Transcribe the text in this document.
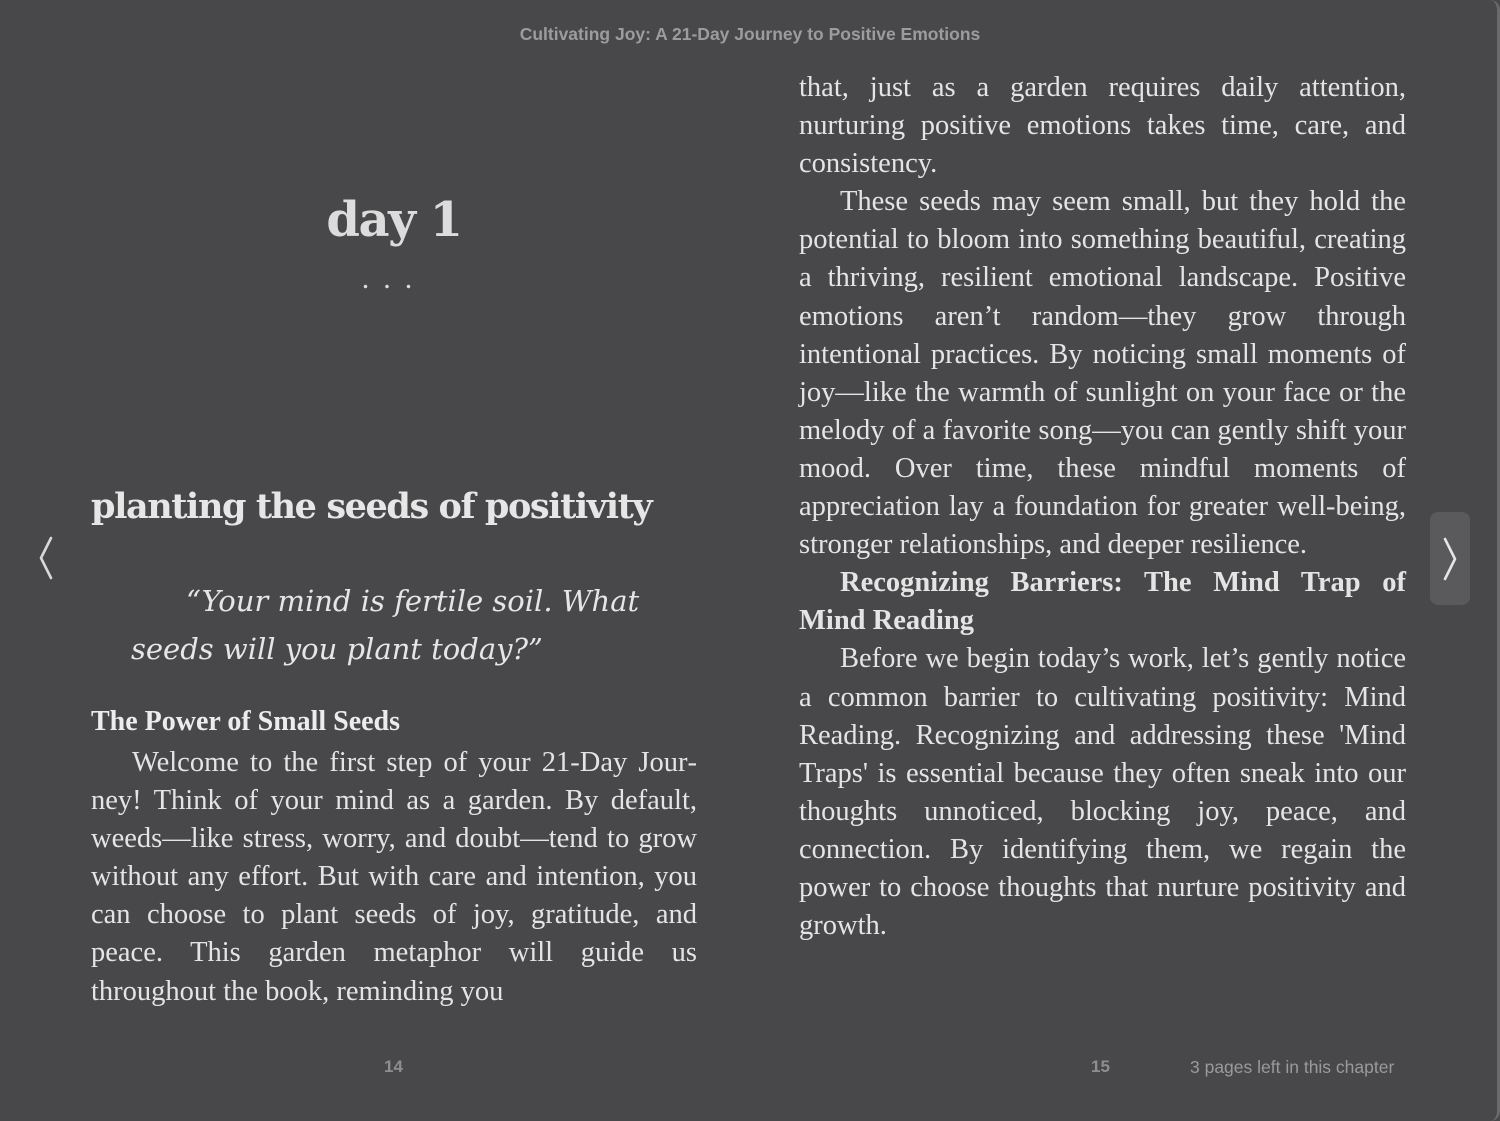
Cultivating Joy: A 21-Day Journey to Positive Emotions
day 1
...
planting the seeds of positivity
“Your mind is fertile soil. What seeds will you plant today?”
The Power of Small Seeds

Welcome to the first step of your 21-Day Journey! Think of your mind as a garden. By default, weeds—like stress, worry, and doubt—tend to grow without any effort. But with care and intention, you can choose to plant seeds of joy, gratitude, and peace. This garden metaphor will guide us throughout the book, reminding you

14

that, just as a garden requires daily attention, nurturing positive emotions takes time, care, and consistency.

These seeds may seem small, but they hold the potential to bloom into something beautiful, creating a thriving, resilient emotional landscape. Positive emotions aren’t random—they grow through intentional practices. By noticing small moments of joy—like the warmth of sunlight on your face or the melody of a favorite song—you can gently shift your mood. Over time, these mindful moments of appreciation lay a foundation for greater well-being, stronger relationships, and deeper resilience.

Recognizing Barriers: The Mind Trap of Mind Reading

Before we begin today’s work, let’s gently notice a common barrier to cultivating positivity: Mind Reading. Recognizing and addressing these 'Mind Traps' is essential because they often sneak into our thoughts unnoticed, blocking joy, peace, and connection. By identifying them, we regain the power to choose thoughts that nurture positivity and growth.

15	3 pages left in this chapter
